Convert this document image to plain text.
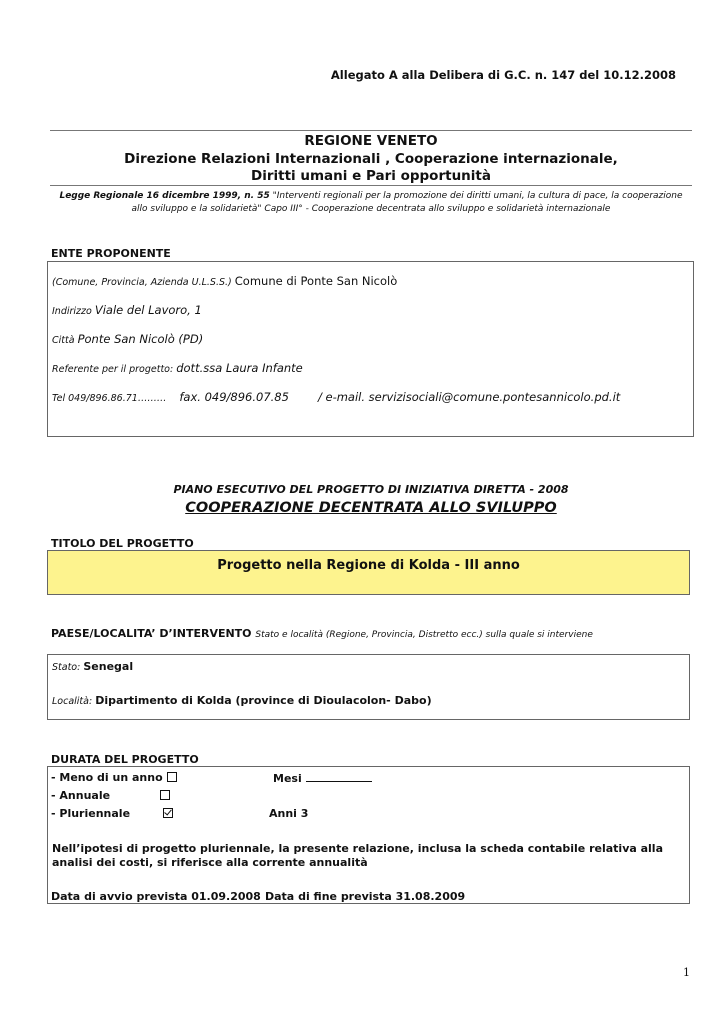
Allegato A alla Delibera di G.C. n. 147 del 10.12.2008
REGIONE VENETO
Direzione Relazioni Internazionali , Cooperazione internazionale,
Diritti umani e Pari opportunità
Legge Regionale 16 dicembre 1999, n. 55 "Interventi regionali per la promozione dei diritti umani, la cultura di pace, la cooperazione allo sviluppo e la solidarietà" Capo III° - Cooperazione decentrata allo sviluppo e solidarietà internazionale
ENTE PROPONENTE
(Comune, Provincia, Azienda U.L.S.S.) Comune di Ponte San Nicolò
Indirizzo Viale del Lavoro, 1
Città Ponte San Nicolò (PD)
Referente per il progetto: dott.ssa Laura Infante
Tel 049/896.86.71……… fax. 049/896.07.85	/ e-mail. servizisociali@comune.pontesannicolo.pd.it
PIANO ESECUTIVO DEL PROGETTO DI INIZIATIVA DIRETTA - 2008
COOPERAZIONE DECENTRATA ALLO SVILUPPO
TITOLO DEL PROGETTO
Progetto nella Regione di Kolda - III anno
PAESE/LOCALITA’ D’INTERVENTO Stato e località (Regione, Provincia, Distretto ecc.) sulla quale si interviene
Stato: Senegal
Località: Dipartimento di Kolda (province di Dioulacolon- Dabo)
DURATA DEL PROGETTO
- Meno di un anno	Mesi
- Annuale
- Pluriennale	Anni 3
Nell’ipotesi di progetto pluriennale, la presente relazione, inclusa la scheda contabile relativa alla analisi dei costi, si riferisce alla corrente annualità
Data di avvio prevista 01.09.2008 Data di fine prevista 31.08.2009
1
